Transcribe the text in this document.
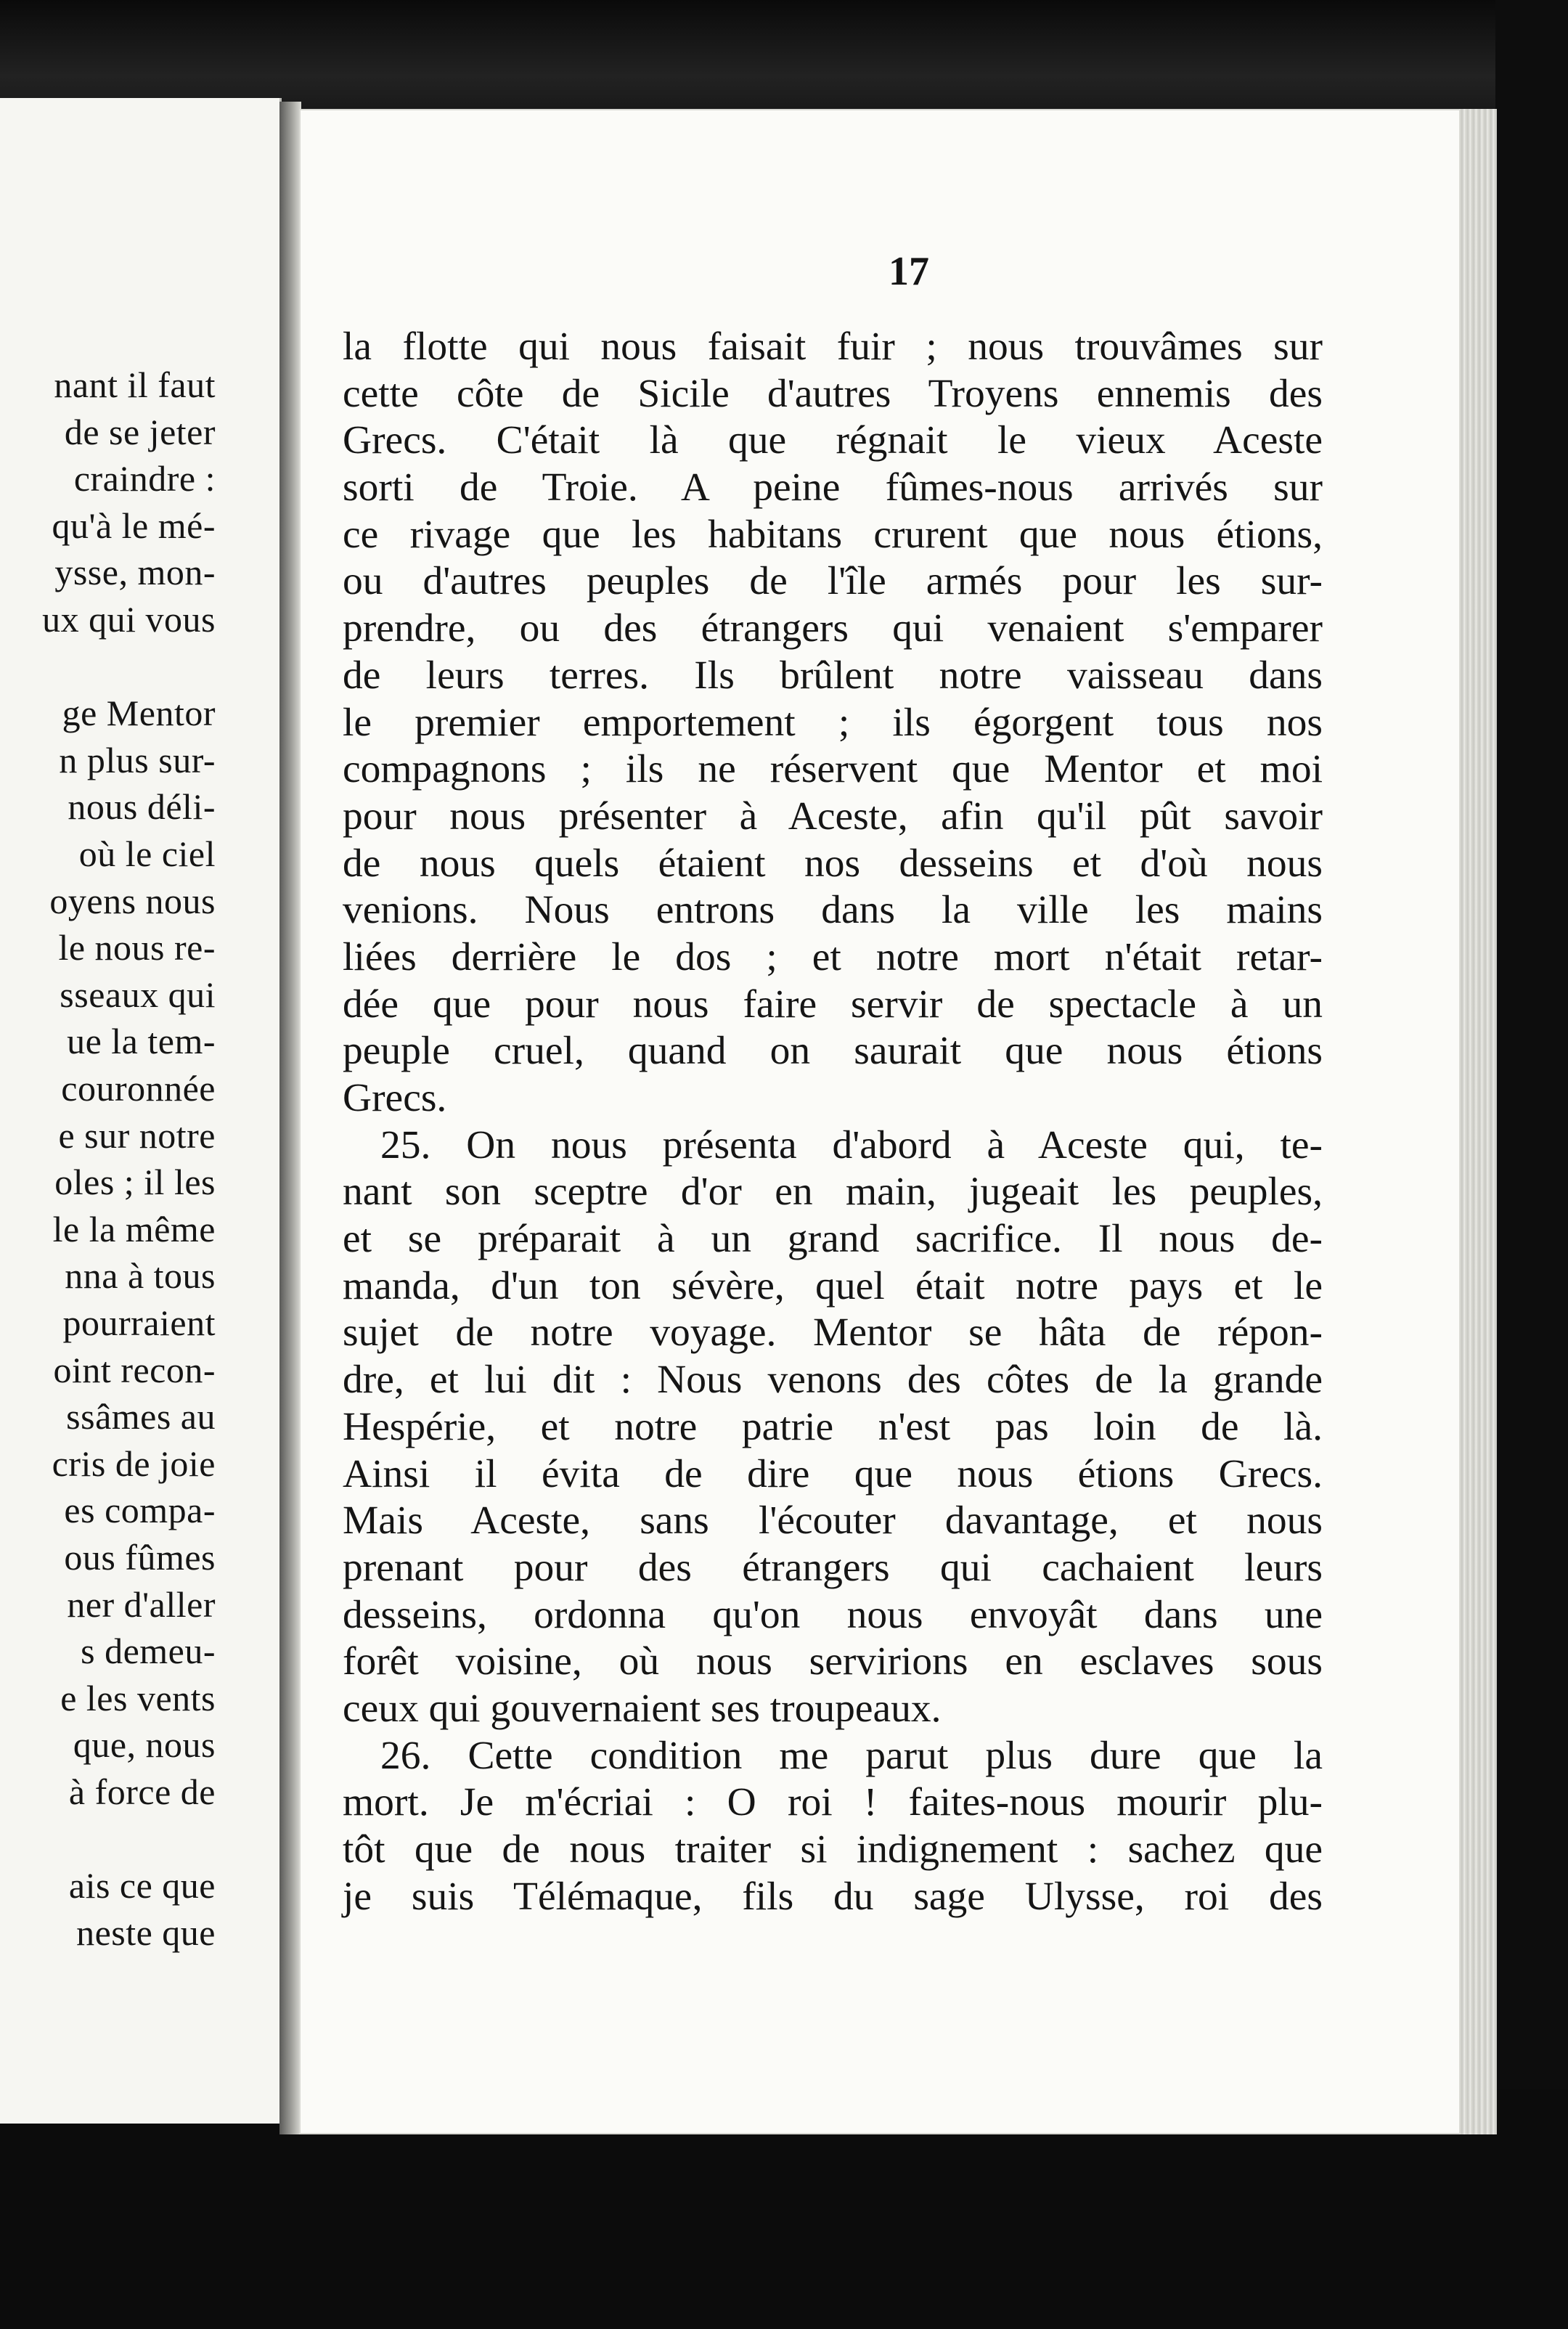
nant il faut
de se jeter
craindre :
qu'à le mé-
ysse, mon-
ux qui vous
ge Mentor
n plus sur-
nous déli-
où le ciel
oyens nous
le nous re-
sseaux qui
ue la tem-
couronnée
e sur notre
oles ; il les
le la même
nna à tous
pourraient
oint recon-
ssâmes au
cris de joie
es compa-
ous fûmes
ner d'aller
s demeu-
e les vents
que, nous
à force de
ais ce que
neste que
17
la flotte qui nous faisait fuir ; nous trouvâmes sur
cette côte de Sicile d'autres Troyens ennemis des
Grecs. C'était là que régnait le vieux Aceste
sorti de Troie. A peine fûmes-nous arrivés sur
ce rivage que les habitans crurent que nous étions,
ou d'autres peuples de l'île armés pour les sur-
prendre, ou des étrangers qui venaient s'emparer
de leurs terres. Ils brûlent notre vaisseau dans
le premier emportement ; ils égorgent tous nos
compagnons ; ils ne réservent que Mentor et moi
pour nous présenter à Aceste, afin qu'il pût savoir
de nous quels étaient nos desseins et d'où nous
venions. Nous entrons dans la ville les mains
liées derrière le dos ; et notre mort n'était retar-
dée que pour nous faire servir de spectacle à un
peuple cruel, quand on saurait que nous étions
Grecs.
25. On nous présenta d'abord à Aceste qui, te-
nant son sceptre d'or en main, jugeait les peuples,
et se préparait à un grand sacrifice. Il nous de-
manda, d'un ton sévère, quel était notre pays et le
sujet de notre voyage. Mentor se hâta de répon-
dre, et lui dit : Nous venons des côtes de la grande
Hespérie, et notre patrie n'est pas loin de là.
Ainsi il évita de dire que nous étions Grecs.
Mais Aceste, sans l'écouter davantage, et nous
prenant pour des étrangers qui cachaient leurs
desseins, ordonna qu'on nous envoyât dans une
forêt voisine, où nous servirions en esclaves sous
ceux qui gouvernaient ses troupeaux.
26. Cette condition me parut plus dure que la
mort. Je m'écriai : O roi ! faites-nous mourir plu-
tôt que de nous traiter si indignement : sachez que
je suis Télémaque, fils du sage Ulysse, roi des
